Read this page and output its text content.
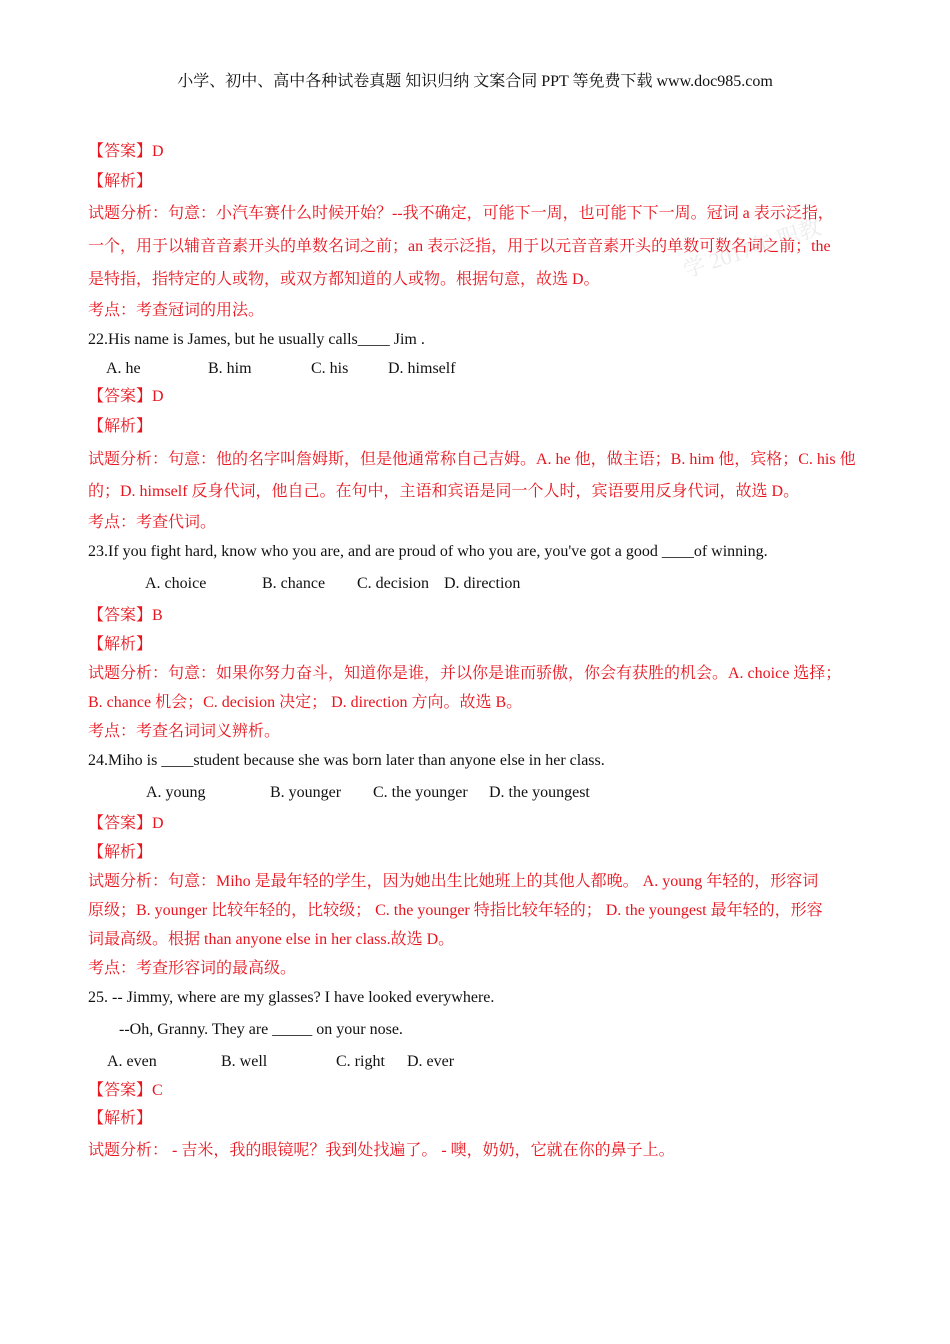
小学、初中、高中各种试卷真题 知识归纳 文案合同 PPT 等免费下载 www.doc985.com
学 2017年 职教
【答案】D
【解析】
试题分析：句意：小汽车赛什么时候开始？--我不确定，可能下一周，也可能下下一周。冠词 a 表示泛指，
一个，用于以辅音音素开头的单数名词之前；an 表示泛指，用于以元音音素开头的单数可数名词之前；the
是特指，指特定的人或物，或双方都知道的人或物。根据句意，故选 D。
考点：考查冠词的用法。
22.His name is James, but he usually calls____ Jim .
A. he	B. him	C. his D. himself
【答案】D
【解析】
试题分析：句意：他的名字叫詹姆斯，但是他通常称自己吉姆。A. he 他，做主语；B. him 他，宾格；C. his 他
的；D. himself 反身代词，他自己。在句中，主语和宾语是同一个人时，宾语要用反身代词，故选 D。
考点：考查代词。
23.If you fight hard, know who you are, and are proud of who you are, you've got a good ____of winning.
A. choice	B. chance C. decision D. direction
【答案】B
【解析】
试题分析：句意：如果你努力奋斗，知道你是谁，并以你是谁而骄傲，你会有获胜的机会。A. choice 选择；
B. chance 机会；C. decision 决定； D. direction 方向。故选 B。
考点：考查名词词义辨析。
24.Miho is ____student because she was born later than anyone else in her class.
A. young	B. younger C. the younger D. the youngest
【答案】D
【解析】
试题分析：句意：Miho 是最年轻的学生，因为她出生比她班上的其他人都晚。 A. young 年轻的，形容词
原级；B. younger 比较年轻的，比较级； C. the younger 特指比较年轻的； D. the youngest 最年轻的，形容
词最高级。根据 than anyone else in her class.故选 D。
考点：考查形容词的最高级。
25. -- Jimmy, where are my glasses? I have looked everywhere.
--Oh, Granny. They are _____ on your nose.
A. even	B. well	C. right D. ever
【答案】C
【解析】
试题分析： - 吉米，我的眼镜呢？我到处找遍了。 - 噢，奶奶，它就在你的鼻子上。
